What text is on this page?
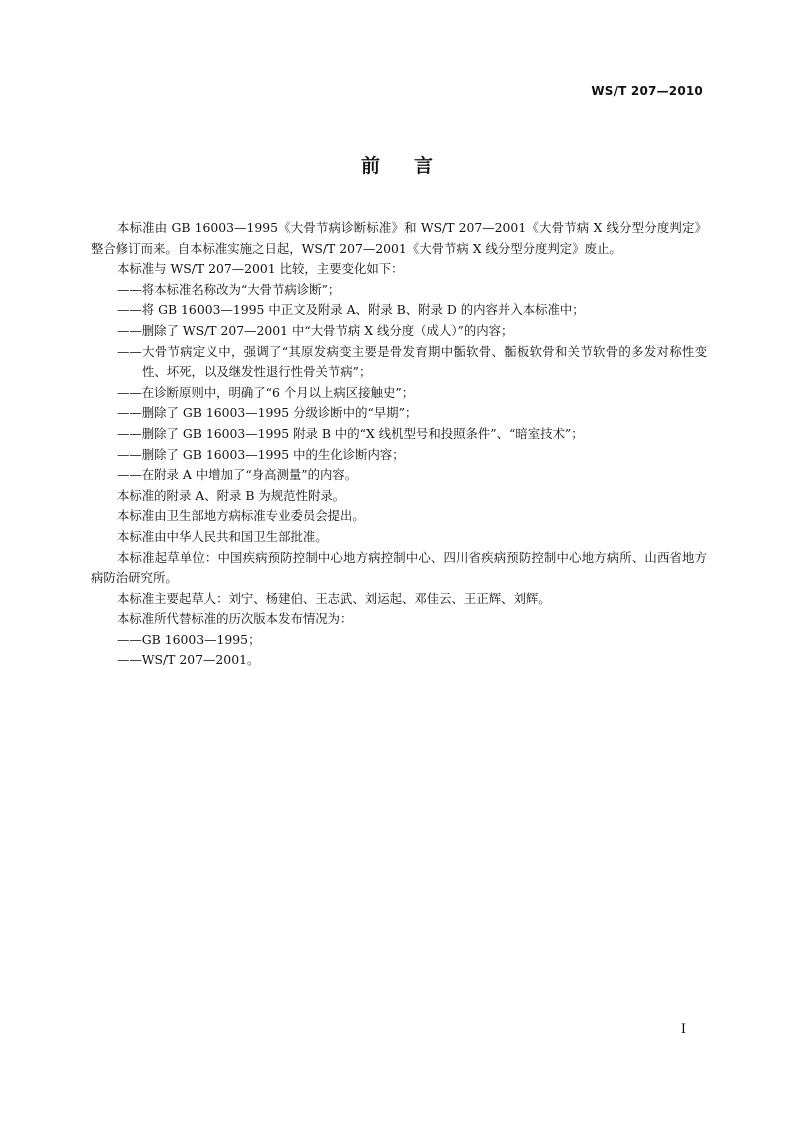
WS/T 207—2010
前言

本标准由 GB 16003—1995《大骨节病诊断标准》和 WS/T 207—2001《大骨节病 X 线分型分度判定》整合修订而来。自本标准实施之日起，WS/T 207—2001《大骨节病 X 线分型分度判定》废止。

本标准与 WS/T 207—2001 比较，主要变化如下：

——将本标准名称改为“大骨节病诊断”；

——将 GB 16003—1995 中正文及附录 A、附录 B、附录 D 的内容并入本标准中；

——删除了 WS/T 207—2001 中“大骨节病 X 线分度（成人）”的内容；

——大骨节病定义中，强调了“其原发病变主要是骨发育期中骺软骨、骺板软骨和关节软骨的多发对称性变性、坏死，以及继发性退行性骨关节病”；

——在诊断原则中，明确了“6 个月以上病区接触史”；

——删除了 GB 16003—1995 分级诊断中的“早期”；

——删除了 GB 16003—1995 附录 B 中的“X 线机型号和投照条件”、“暗室技术”；

——删除了 GB 16003—1995 中的生化诊断内容；

——在附录 A 中增加了“身高测量”的内容。

本标准的附录 A、附录 B 为规范性附录。

本标准由卫生部地方病标准专业委员会提出。

本标准由中华人民共和国卫生部批准。

本标准起草单位：中国疾病预防控制中心地方病控制中心、四川省疾病预防控制中心地方病所、山西省地方病防治研究所。

本标准主要起草人：刘宁、杨建伯、王志武、刘运起、邓佳云、王正辉、刘辉。

本标准所代替标准的历次版本发布情况为：

——GB 16003—1995；

——WS/T 207—2001。

I
